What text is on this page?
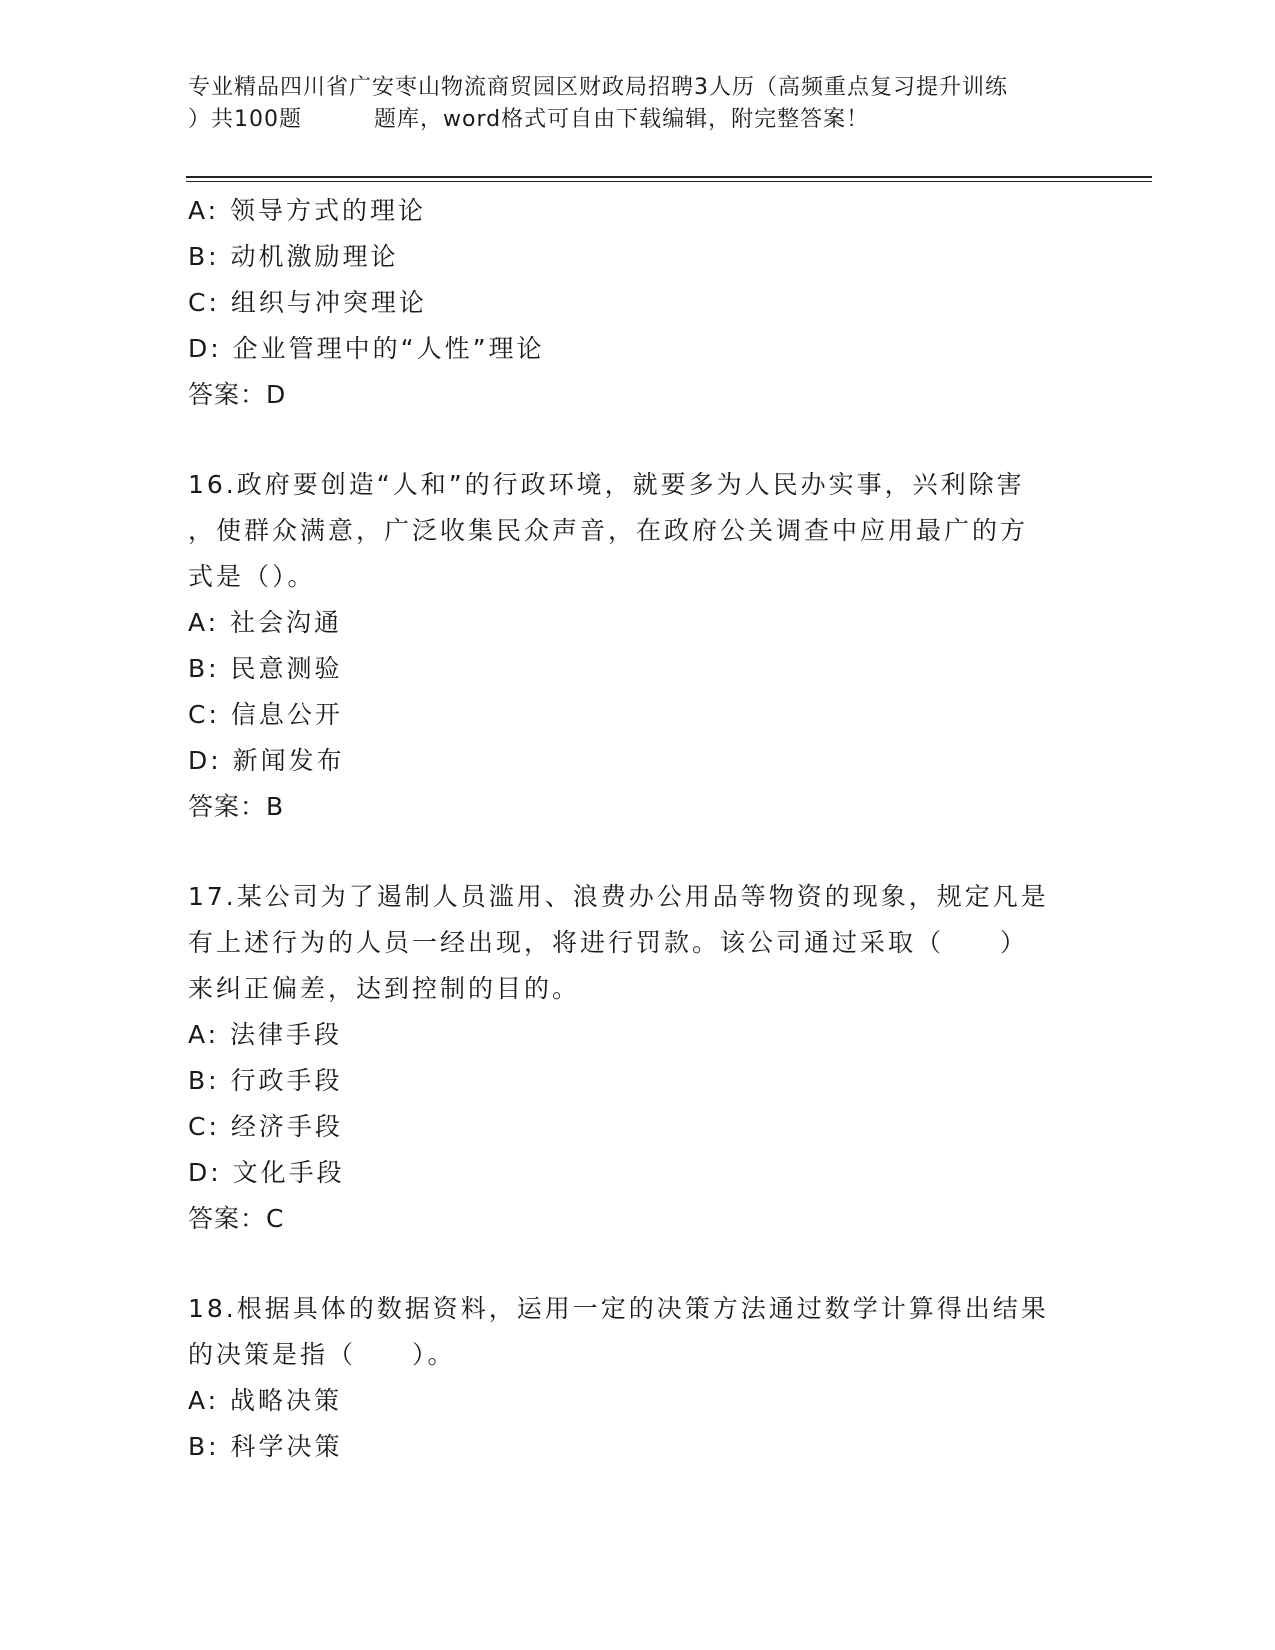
专业精品四川省广安枣山物流商贸园区财政局招聘3人历（高频重点复习提升训练
）共100题	题库，word格式可自由下载编辑，附完整答案！
A: 领导方式的理论
B: 动机激励理论
C: 组织与冲突理论
D: 企业管理中的“人性”理论
答案：D
16.政府要创造“人和”的行政环境，就要多为人民办实事，兴利除害
，使群众满意，广泛收集民众声音，在政府公关调查中应用最广的方
式是（）。
A: 社会沟通
B: 民意测验
C: 信息公开
D: 新闻发布
答案：B
17.某公司为了遏制人员滥用、浪费办公用品等物资的现象，规定凡是
有上述行为的人员一经出现，将进行罚款。该公司通过采取（　　）
来纠正偏差，达到控制的目的。
A: 法律手段
B: 行政手段
C: 经济手段
D: 文化手段
答案：C
18.根据具体的数据资料，运用一定的决策方法通过数学计算得出结果
的决策是指（　　）。
A: 战略决策
B: 科学决策
